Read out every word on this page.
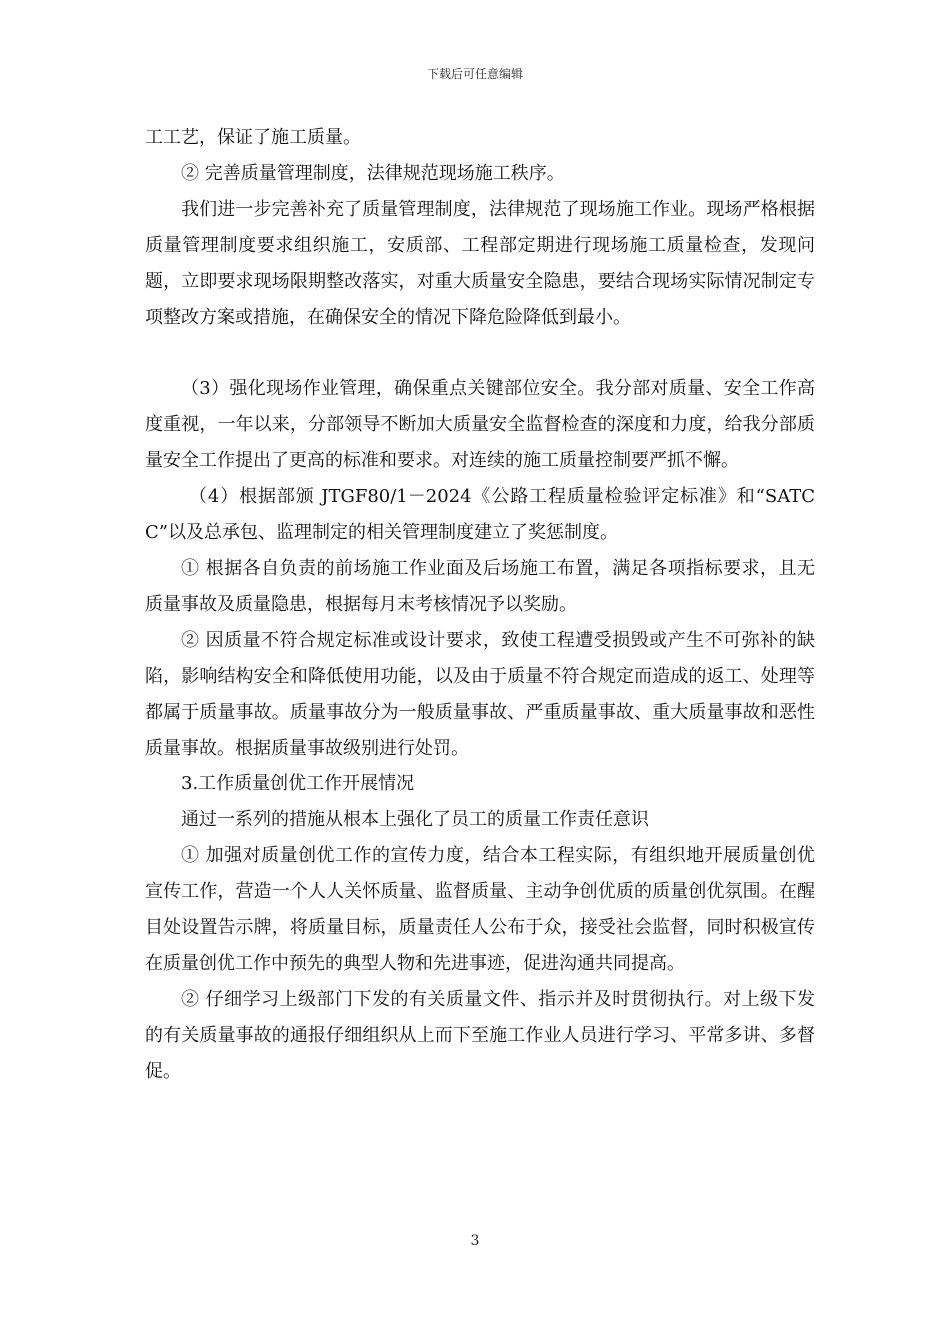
下载后可任意编辑

工工艺，保证了施工质量。

② 完善质量管理制度，法律规范现场施工秩序。

我们进一步完善补充了质量管理制度，法律规范了现场施工作业。现场严格根据质量管理制度要求组织施工，安质部、工程部定期进行现场施工质量检查，发现问题，立即要求现场限期整改落实，对重大质量安全隐患，要结合现场实际情况制定专项整改方案或措施，在确保安全的情况下降危险降低到最小。

（3）强化现场作业管理，确保重点关键部位安全。我分部对质量、安全工作高度重视，一年以来，分部领导不断加大质量安全监督检查的深度和力度，给我分部质量安全工作提出了更高的标准和要求。对连续的施工质量控制要严抓不懈。

（4）根据部颁 JTGF80/1－2024《公路工程质量检验评定标准》和“SATCC”以及总承包、监理制定的相关管理制度建立了奖惩制度。

① 根据各自负责的前场施工作业面及后场施工布置，满足各项指标要求，且无质量事故及质量隐患，根据每月末考核情况予以奖励。

② 因质量不符合规定标准或设计要求，致使工程遭受损毁或产生不可弥补的缺陷，影响结构安全和降低使用功能，以及由于质量不符合规定而造成的返工、处理等都属于质量事故。质量事故分为一般质量事故、严重质量事故、重大质量事故和恶性质量事故。根据质量事故级别进行处罚。

3.工作质量创优工作开展情况

通过一系列的措施从根本上强化了员工的质量工作责任意识

① 加强对质量创优工作的宣传力度，结合本工程实际，有组织地开展质量创优宣传工作，营造一个人人关怀质量、监督质量、主动争创优质的质量创优氛围。在醒目处设置告示牌，将质量目标，质量责任人公布于众，接受社会监督，同时积极宣传在质量创优工作中预先的典型人物和先进事迹，促进沟通共同提高。

② 仔细学习上级部门下发的有关质量文件、指示并及时贯彻执行。对上级下发的有关质量事故的通报仔细组织从上而下至施工作业人员进行学习、平常多讲、多督促。

3
